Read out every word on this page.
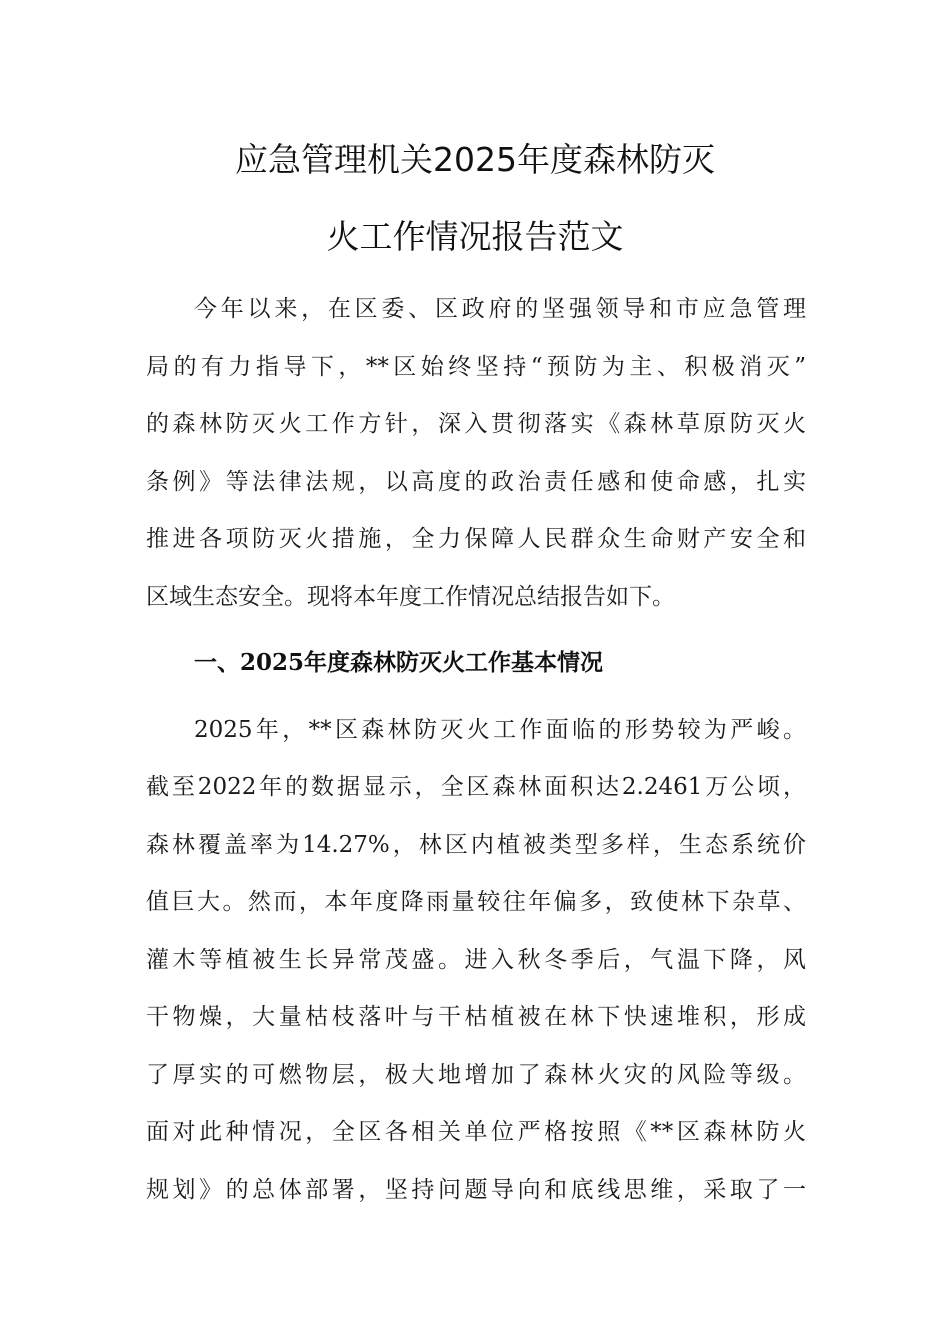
应急管理机关2025年度森林防灭
火工作情况报告范文
今年以来，在区委、区政府的坚强领导和市应急管理
局的有力指导下，**区始终坚持“预防为主、积极消灭”
的森林防灭火工作方针，深入贯彻落实《森林草原防灭火
条例》等法律法规，以高度的政治责任感和使命感，扎实
推进各项防灭火措施，全力保障人民群众生命财产安全和
区域生态安全。现将本年度工作情况总结报告如下。
一、2025年度森林防灭火工作基本情况
2025年，**区森林防灭火工作面临的形势较为严峻。
截至2022年的数据显示，全区森林面积达2.2461万公顷，
森林覆盖率为14.27%，林区内植被类型多样，生态系统价
值巨大。然而，本年度降雨量较往年偏多，致使林下杂草、
灌木等植被生长异常茂盛。进入秋冬季后，气温下降，风
干物燥，大量枯枝落叶与干枯植被在林下快速堆积，形成
了厚实的可燃物层，极大地增加了森林火灾的风险等级。
面对此种情况，全区各相关单位严格按照《**区森林防火
规划》的总体部署，坚持问题导向和底线思维，采取了一
